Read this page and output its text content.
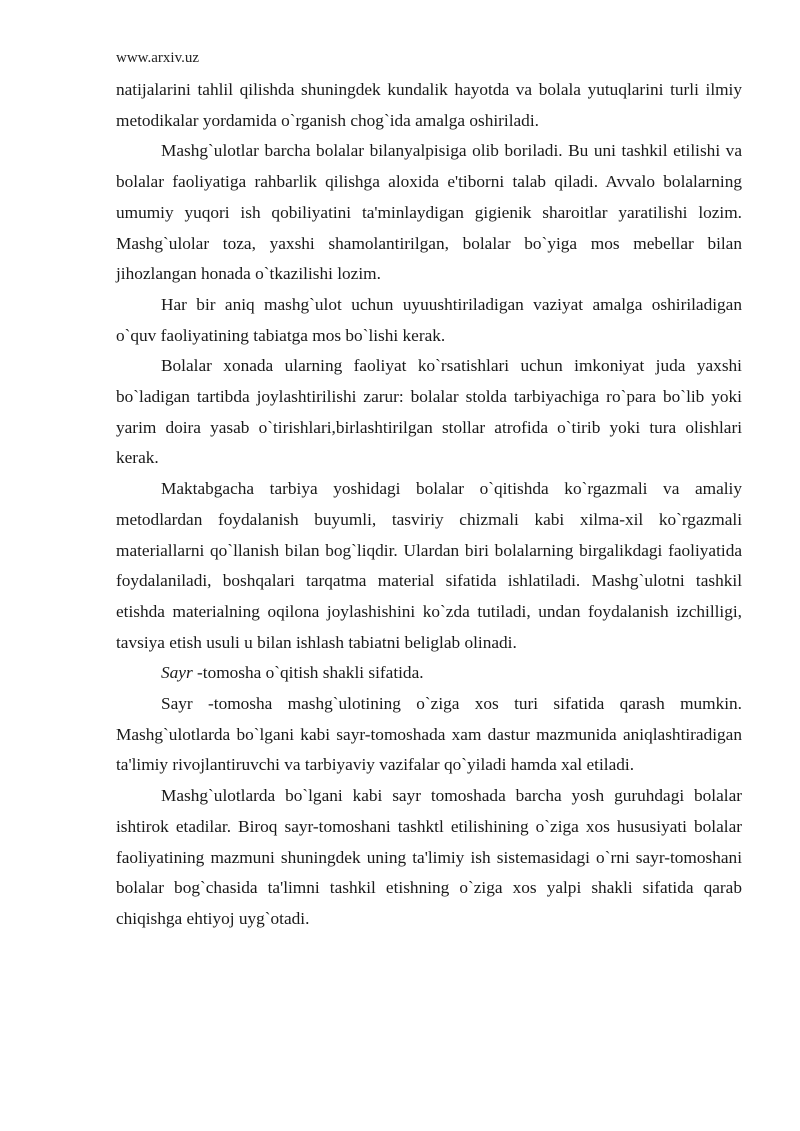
www.arxiv.uz

natijalarini tahlil qilishda shuningdek kundalik hayotda va bolala yutuqlarini turli ilmiy metodikalar yordamida o`rganish chog`ida amalga oshiriladi.

Mashg`ulotlar barcha bolalar bilanyalpisiga olib boriladi. Bu uni tashkil etilishi va bolalar faoliyatiga rahbarlik qilishga aloxida e'tiborni talab qiladi. Avvalo bolalarning umumiy yuqori ish qobiliyatini ta'minlaydigan gigienik sharoitlar yaratilishi lozim. Mashg`ulolar toza, yaxshi shamolantirilgan, bolalar bo`yiga mos mebellar bilan jihozlangan honada o`tkazilishi lozim.

Har bir aniq mashg`ulot uchun uyuushtiriladigan vaziyat amalga oshiriladigan o`quv faoliyatining tabiatga mos bo`lishi kerak.

Bolalar xonada ularning faoliyat ko`rsatishlari uchun imkoniyat juda yaxshi bo`ladigan tartibda joylashtirilishi zarur: bolalar stolda tarbiyachiga ro`para bo`lib yoki yarim doira yasab o`tirishlari,birlashtirilgan stollar atrofida o`tirib yoki tura olishlari kerak.

Maktabgacha tarbiya yoshidagi bolalar o`qitishda ko`rgazmali va amaliy metodlardan foydalanish buyumli, tasviriy chizmali kabi xilma-xil ko`rgazmali materiallarni qo`llanish bilan bog`liqdir. Ulardan biri bolalarning birgalikdagi faoliyatida foydalaniladi, boshqalari tarqatma material sifatida ishlatiladi. Mashg`ulotni tashkil etishda materialning oqilona joylashishini ko`zda tutiladi, undan foydalanish izchilligi, tavsiya etish usuli u bilan ishlash tabiatni beliglab olinadi.

Sayr -tomosha o`qitish shakli sifatida.

Sayr -tomosha mashg`ulotining o`ziga xos turi sifatida qarash mumkin. Mashg`ulotlarda bo`lgani kabi sayr-tomoshada xam dastur mazmunida aniqlashtiradigan ta'limiy rivojlantiruvchi va tarbiyaviy vazifalar qo`yiladi hamda xal etiladi.

Mashg`ulotlarda bo`lgani kabi sayr tomoshada barcha yosh guruhdagi bolalar ishtirok etadilar. Biroq sayr-tomoshani tashktl etilishining o`ziga xos hususiyati bolalar faoliyatining mazmuni shuningdek uning ta'limiy ish sistemasidagi o`rni sayr-tomoshani bolalar bog`chasida ta'limni tashkil etishning o`ziga xos yalpi shakli sifatida qarab chiqishga ehtiyoj uyg`otadi.
